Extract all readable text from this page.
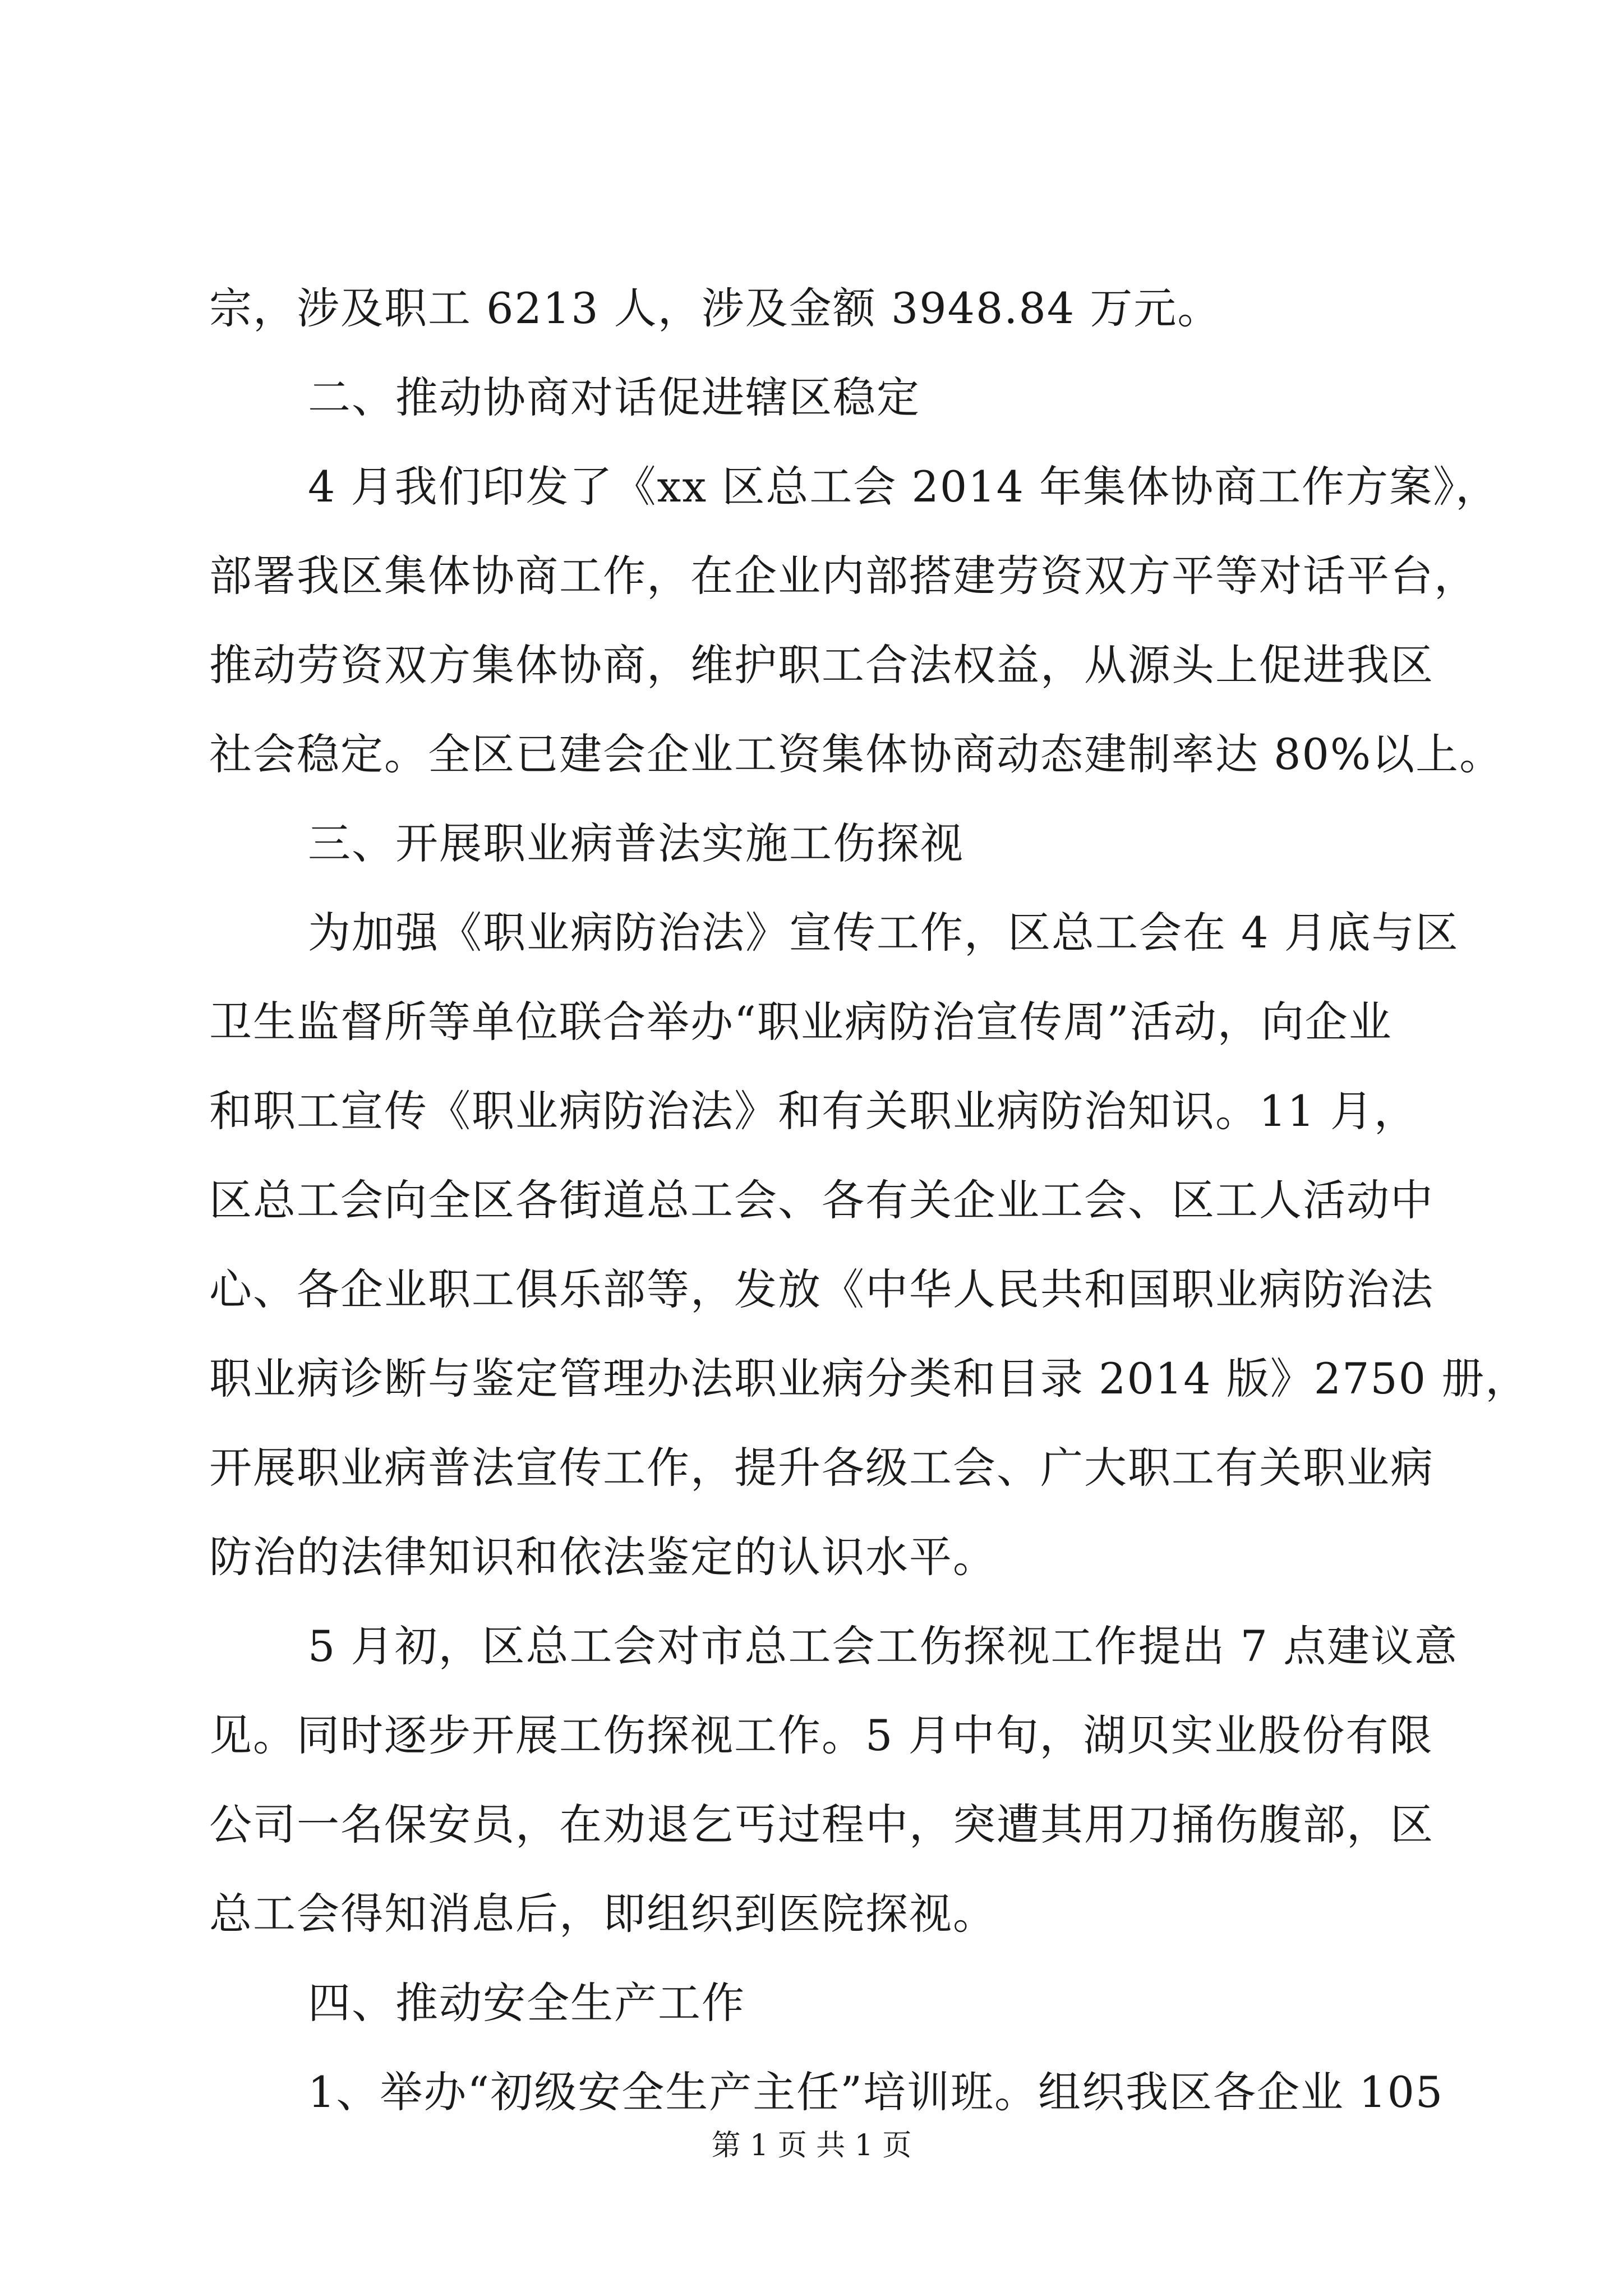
宗，涉及职工 6213 人，涉及金额 3948.84 万元。
二、推动协商对话促进辖区稳定
4 月我们印发了《xx 区总工会 2014 年集体协商工作方案》，
部署我区集体协商工作，在企业内部搭建劳资双方平等对话平台，
推动劳资双方集体协商，维护职工合法权益，从源头上促进我区
社会稳定。全区已建会企业工资集体协商动态建制率达 80%以上。
三、开展职业病普法实施工伤探视
为加强《职业病防治法》宣传工作，区总工会在 4 月底与区
卫生监督所等单位联合举办“职业病防治宣传周”活动，向企业
和职工宣传《职业病防治法》和有关职业病防治知识。11 月，
区总工会向全区各街道总工会、各有关企业工会、区工人活动中
心、各企业职工俱乐部等，发放《中华人民共和国职业病防治法
职业病诊断与鉴定管理办法职业病分类和目录 2014 版》2750 册，
开展职业病普法宣传工作，提升各级工会、广大职工有关职业病
防治的法律知识和依法鉴定的认识水平。
5 月初，区总工会对市总工会工伤探视工作提出 7 点建议意
见。同时逐步开展工伤探视工作。5 月中旬，湖贝实业股份有限
公司一名保安员，在劝退乞丐过程中，突遭其用刀捅伤腹部，区
总工会得知消息后，即组织到医院探视。
四、推动安全生产工作
1、举办“初级安全生产主任”培训班。组织我区各企业 105
第 1 页 共 1 页
